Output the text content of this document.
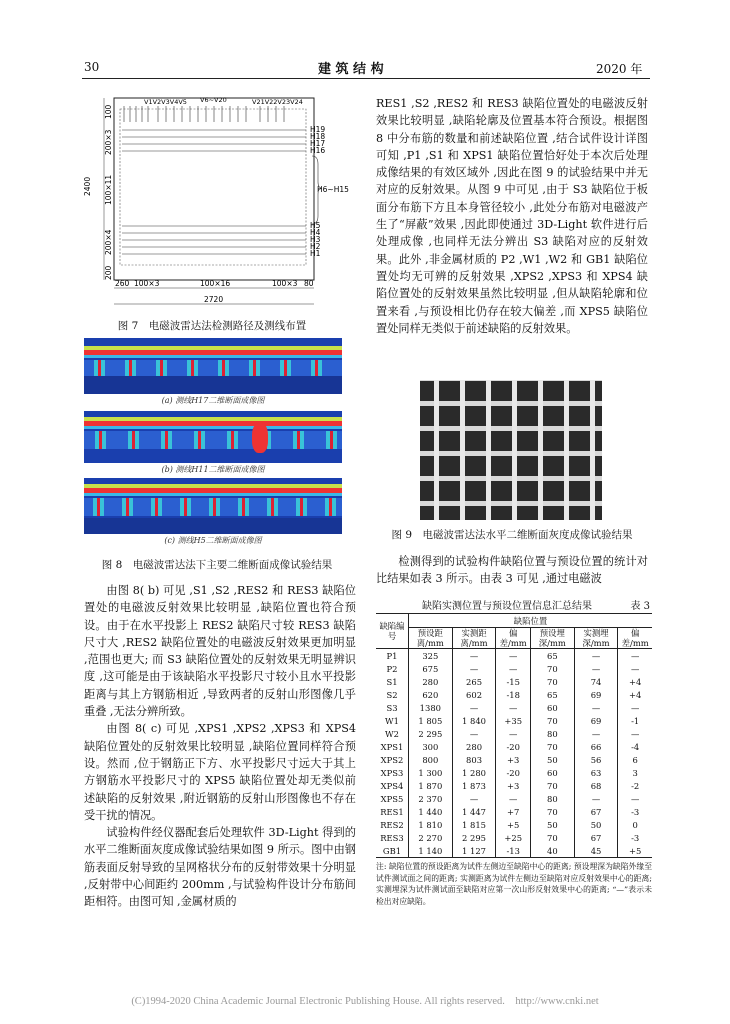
30	建 筑 结 构	2020 年
V1V2V3V4V5 V6~V20	V21V22V23V24
H19
H18
H17
H16
H6~H15
H5
H4
H3
H2
H1
2400
100
200×3
100×11
200×4
200
260 100×3	100×16	100×3 80
2720
图 7　电磁波雷达法检测路径及测线布置
(a) 测线H17二维断面成像图
(b) 测线H11二维断面成像图
(c) 测线H5二维断面成像图
图 8　电磁波雷达法下主要二维断面成像试验结果

由图 8( b) 可见 ,S1 ,S2 ,RES2 和 RES3 缺陷位置处的电磁波反射效果比较明显 ,缺陷位置也符合预设。由于在水平投影上 RES2 缺陷尺寸较 RES3 缺陷尺寸大 ,RES2 缺陷位置处的电磁波反射效果更加明显 ,范围也更大; 而 S3 缺陷位置处的反射效果无明显辨识度 ,这可能是由于该缺陷水平投影尺寸较小且水平投影距离与其上方钢筋相近 ,导致两者的反射山形图像几乎重叠 ,无法分辨所致。

由图 8( c) 可见 ,XPS1 ,XPS2 ,XPS3 和 XPS4 缺陷位置处的反射效果比较明显 ,缺陷位置同样符合预设。然而 ,位于钢筋正下方、水平投影尺寸远大于其上方钢筋水平投影尺寸的 XPS5 缺陷位置处却无类似前述缺陷的反射效果 ,附近钢筋的反射山形图像也不存在受干扰的情况。

试验构件经仪器配套后处理软件 3D-Light 得到的水平二维断面灰度成像试验结果如图 9 所示。图中由钢筋表面反射导致的呈网格状分布的反射带效果十分明显 ,反射带中心间距约 200mm ,与试验构件设计分布筋间距相符。由图可知 ,金属材质的

RES1 ,S2 ,RES2 和 RES3 缺陷位置处的电磁波反射效果比较明显 ,缺陷轮廓及位置基本符合预设。根据图 8 中分布筋的数量和前述缺陷位置 ,结合试件设计详图可知 ,P1 ,S1 和 XPS1 缺陷位置恰好处于本次后处理成像结果的有效区域外 ,因此在图 9 的试验结果中并无对应的反射效果。从图 9 中可见 ,由于 S3 缺陷位于板面分布筋下方且本身管径较小 ,此处分布筋对电磁波产生了“屏蔽”效果 ,因此即使通过 3D-Light 软件进行后处理成像 ,也同样无法分辨出 S3 缺陷对应的反射效果。此外 ,非金属材质的 P2 ,W1 ,W2 和 GB1 缺陷位置处均无可辨的反射效果 ,XPS2 ,XPS3 和 XPS4 缺陷位置处的反射效果虽然比较明显 ,但从缺陷轮廓和位置来看 ,与预设相比仍存在较大偏差 ,而 XPS5 缺陷位置处同样无类似于前述缺陷的反射效果。

图 9　电磁波雷达法水平二维断面灰度成像试验结果

检测得到的试验构件缺陷位置与预设位置的统计对比结果如表 3 所示。由表 3 可见 ,通过电磁波

缺陷实测位置与预设位置信息汇总结果	表 3
缺陷编号	缺陷位置					
	预设距离/mm	实测距离/mm	偏差/mm	预设埋深/mm	实测埋深/mm	偏差/mm
P1	325	—	—	65	—	—
P2	675	—	—	70	—	—
S1	280	265	-15	70	74	+4
S2	620	602	-18	65	69	+4
S3	1380	—	—	60	—	—
W1	1 805	1 840	+35	70	69	-1
W2	2 295	—	—	80	—	—
XPS1	300	280	-20	70	66	-4
XPS2	800	803	+3	50	56	6
XPS3	1 300	1 280	-20	60	63	3
XPS4	1 870	1 873	+3	70	68	-2
XPS5	2 370	—	—	80	—	—
RES1	1 440	1 447	+7	70	67	-3
RES2	1 810	1 815	+5	50	50	0
RES3	2 270	2 295	+25	70	67	-3
GB1	1 140	1 127	-13	40	45	+5
注: 缺陷位置的预设距离为试件左侧边至缺陷中心的距离; 预设埋深为缺陷外缘至试件测试面之间的距离; 实测距离为试件左侧边至缺陷对应反射效果中心的距离; 实测埋深为试件测试面至缺陷对应第一次山形反射效果中心的距离; “—”表示未检出对应缺陷。
(C)1994-2020 China Academic Journal Electronic Publishing House. All rights reserved.　http://www.cnki.net
